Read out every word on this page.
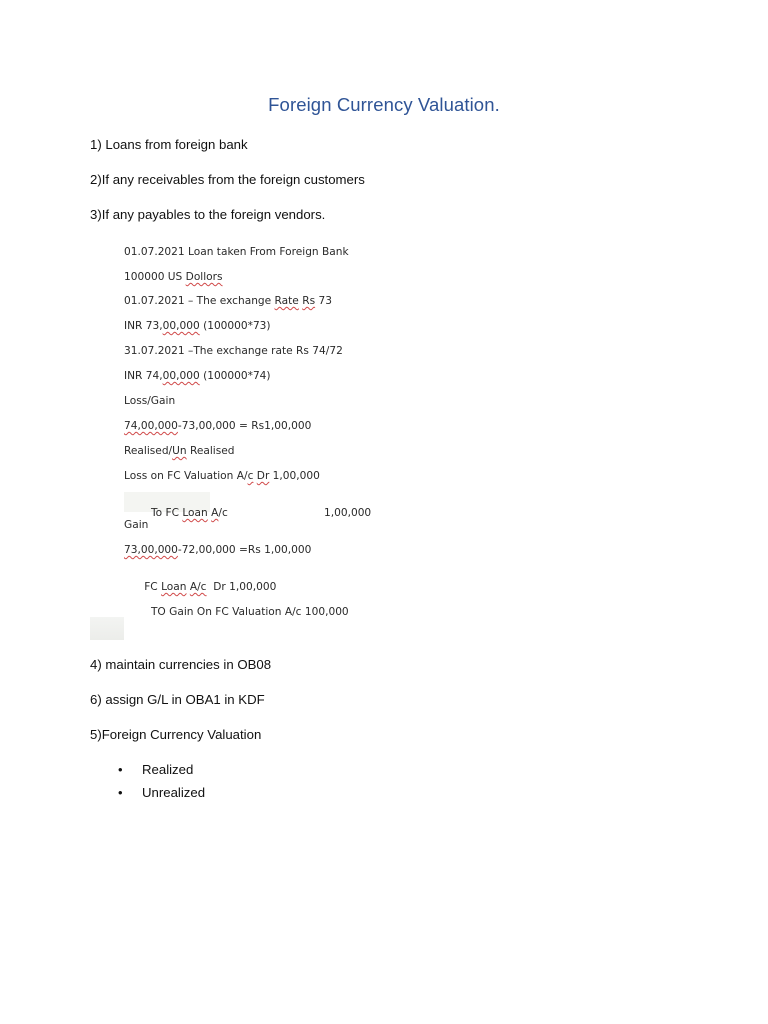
Foreign Currency Valuation.
1) Loans from foreign bank
2)If any receivables from the foreign customers
3)If any payables to the foreign vendors.
01.07.2021 Loan taken From Foreign Bank
100000 US Dollors
01.07.2021 – The exchange Rate Rs 73
INR 73,00,000 (100000*73)
31.07.2021 –The exchange rate Rs 74/72
INR 74,00,000 (100000*74)
Loss/Gain
74,00,000-73,00,000 = Rs1,00,000
Realised/Un Realised
Loss on FC Valuation A/c Dr 1,00,000

To FC Loan A/c	1,00,000

Gain
73,00,000-72,00,000 =Rs 1,00,000

FC Loan A/c  Dr 1,00,000

TO Gain On FC Valuation A/c 100,000

4) maintain currencies in OB08
6) assign G/L in OBA1 in KDF
5)Foreign Currency Valuation
• Realized
• Unrealized
